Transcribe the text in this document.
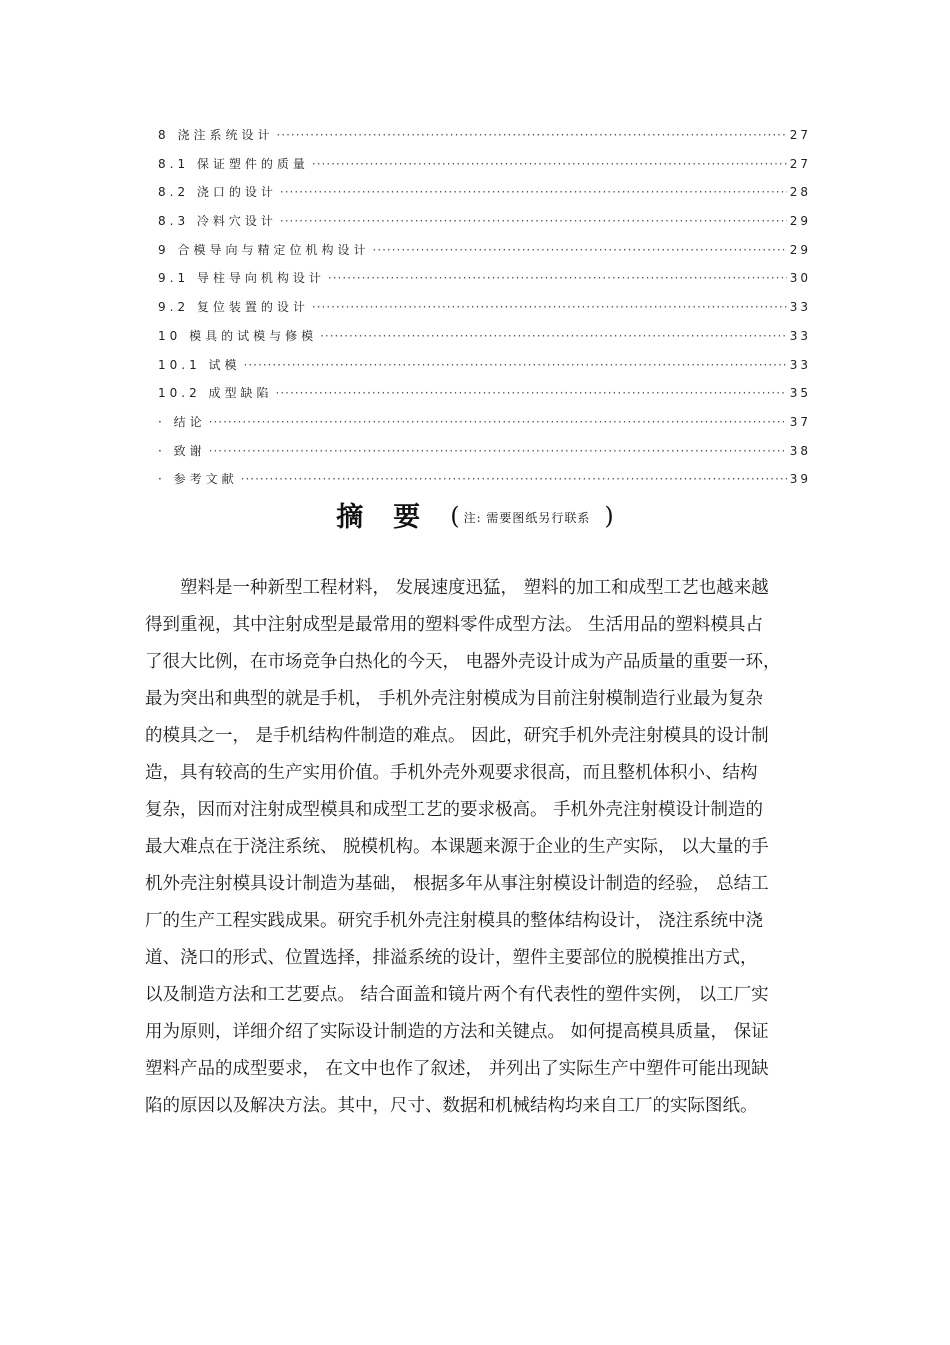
8 浇注系统设计 ·····	27
8.1 保证塑件的质量 ·····	27
8.2 浇口的设计 ·····	28
8.3 冷料穴设计 ·····	29
9 合模导向与精定位机构设计 ·····	29
9.1 导柱导向机构设计 ·····	30
9.2 复位装置的设计 ·····	33
10 模具的试模与修模 ·····	33
10.1 试模 ·····	33
10.2 成型缺陷 ·····	35
· 结论 ·····	37
· 致谢 ·····	38
· 参考文献 ·····	39
摘要$^{( 注: 需要图纸另行联系 )}$
　　塑料是一种新型工程材料， 发展速度迅猛， 塑料的加工和成型工艺也越来越
得到重视，其中注射成型是最常用的塑料零件成型方法。 生活用品的塑料模具占
了很大比例，在市场竞争白热化的今天， 电器外壳设计成为产品质量的重要一环，
最为突出和典型的就是手机， 手机外壳注射模成为目前注射模制造行业最为复杂
的模具之一， 是手机结构件制造的难点。 因此，研究手机外壳注射模具的设计制
造，具有较高的生产实用价值。手机外壳外观要求很高，而且整机体积小、结构
复杂，因而对注射成型模具和成型工艺的要求极高。 手机外壳注射模设计制造的
最大难点在于浇注系统、 脱模机构。本课题来源于企业的生产实际， 以大量的手
机外壳注射模具设计制造为基础， 根据多年从事注射模设计制造的经验， 总结工
厂的生产工程实践成果。研究手机外壳注射模具的整体结构设计， 浇注系统中浇
道、浇口的形式、位置选择，排溢系统的设计，塑件主要部位的脱模推出方式，
以及制造方法和工艺要点。 结合面盖和镜片两个有代表性的塑件实例， 以工厂实
用为原则，详细介绍了实际设计制造的方法和关键点。 如何提高模具质量， 保证
塑料产品的成型要求， 在文中也作了叙述， 并列出了实际生产中塑件可能出现缺
陷的原因以及解决方法。其中，尺寸、数据和机械结构均来自工厂的实际图纸。
